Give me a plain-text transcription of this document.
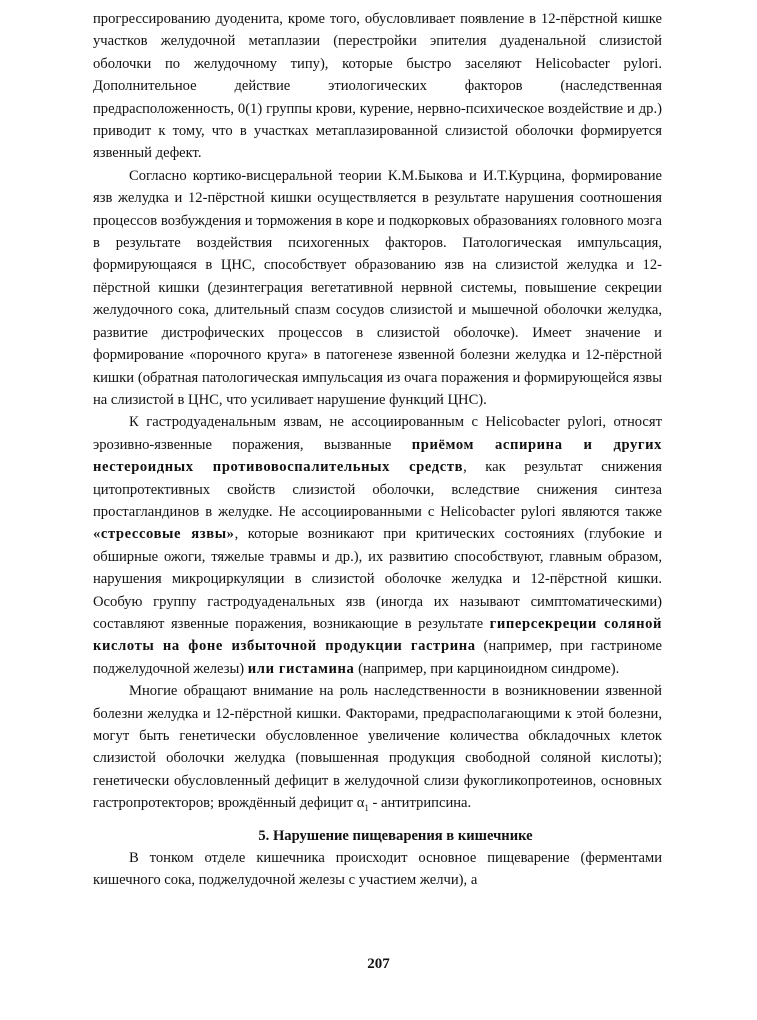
прогрессированию дуоденита, кроме того, обусловливает появление в 12-пёрстной кишке участков желудочной метаплазии (перестройки эпителия дуаденальной слизистой оболочки по желудочному типу), которые быстро заселяют Helicobacter pylori. Дополнительное действие этиологических факторов (наследственная предрасположенность, 0(1) группы крови, курение, нервно-психическое воздействие и др.) приводит к тому, что в участках метаплазированной слизистой оболочки формируется язвенный дефект.

Согласно кортико-висцеральной теории К.М.Быкова и И.Т.Курцина, формирование язв желудка и 12-пёрстной кишки осуществляется в результате нарушения соотношения процессов возбуждения и торможения в коре и подкорковых образованиях головного мозга в результате воздействия психогенных факторов. Патологическая импульсация, формирующаяся в ЦНС, способствует образованию язв на слизистой желудка и 12-пёрстной кишки (дезинтеграция вегетативной нервной системы, повышение секреции желудочного сока, длительный спазм сосудов слизистой и мышечной оболочки желудка, развитие дистрофических процессов в слизистой оболочке). Имеет значение и формирование «порочного круга» в патогенезе язвенной болезни желудка и 12-пёрстной кишки (обратная патологическая импульсация из очага поражения и формирующейся язвы на слизистой в ЦНС, что усиливает нарушение функций ЦНС).

К гастродуаденальным язвам, не ассоциированным с Helicobacter pylori, относят эрозивно-язвенные поражения, вызванные приёмом аспирина и других нестероидных противовоспалительных средств, как результат снижения цитопротективных свойств слизистой оболочки, вследствие снижения синтеза простагландинов в желудке. Не ассоциированными с Helicobacter pylori являются также «стрессовые язвы», которые возникают при критических состояниях (глубокие и обширные ожоги, тяжелые травмы и др.), их развитию способствуют, главным образом, нарушения микроциркуляции в слизистой оболочке желудка и 12-пёрстной кишки. Особую группу гастродуаденальных язв (иногда их называют симптоматическими) составляют язвенные поражения, возникающие в результате гиперсекреции соляной кислоты на фоне избыточной продукции гастрина (например, при гастриноме поджелудочной железы) или гистамина (например, при карциноидном синдроме).

Многие обращают внимание на роль наследственности в возникновении язвенной болезни желудка и 12-пёрстной кишки. Факторами, предрасполагающими к этой болезни, могут быть генетически обусловленное увеличение количества обкладочных клеток слизистой оболочки желудка (повышенная продукция свободной соляной кислоты); генетически обусловленный дефицит в желудочной слизи фукогликопротеинов, основных гастропротекторов; врождённый дефицит $\alpha_1$ - антитрипсина.

5. Нарушение пищеварения в кишечнике

В тонком отделе кишечника происходит основное пищеварение (ферментами кишечного сока, поджелудочной железы с участием желчи), а

207
